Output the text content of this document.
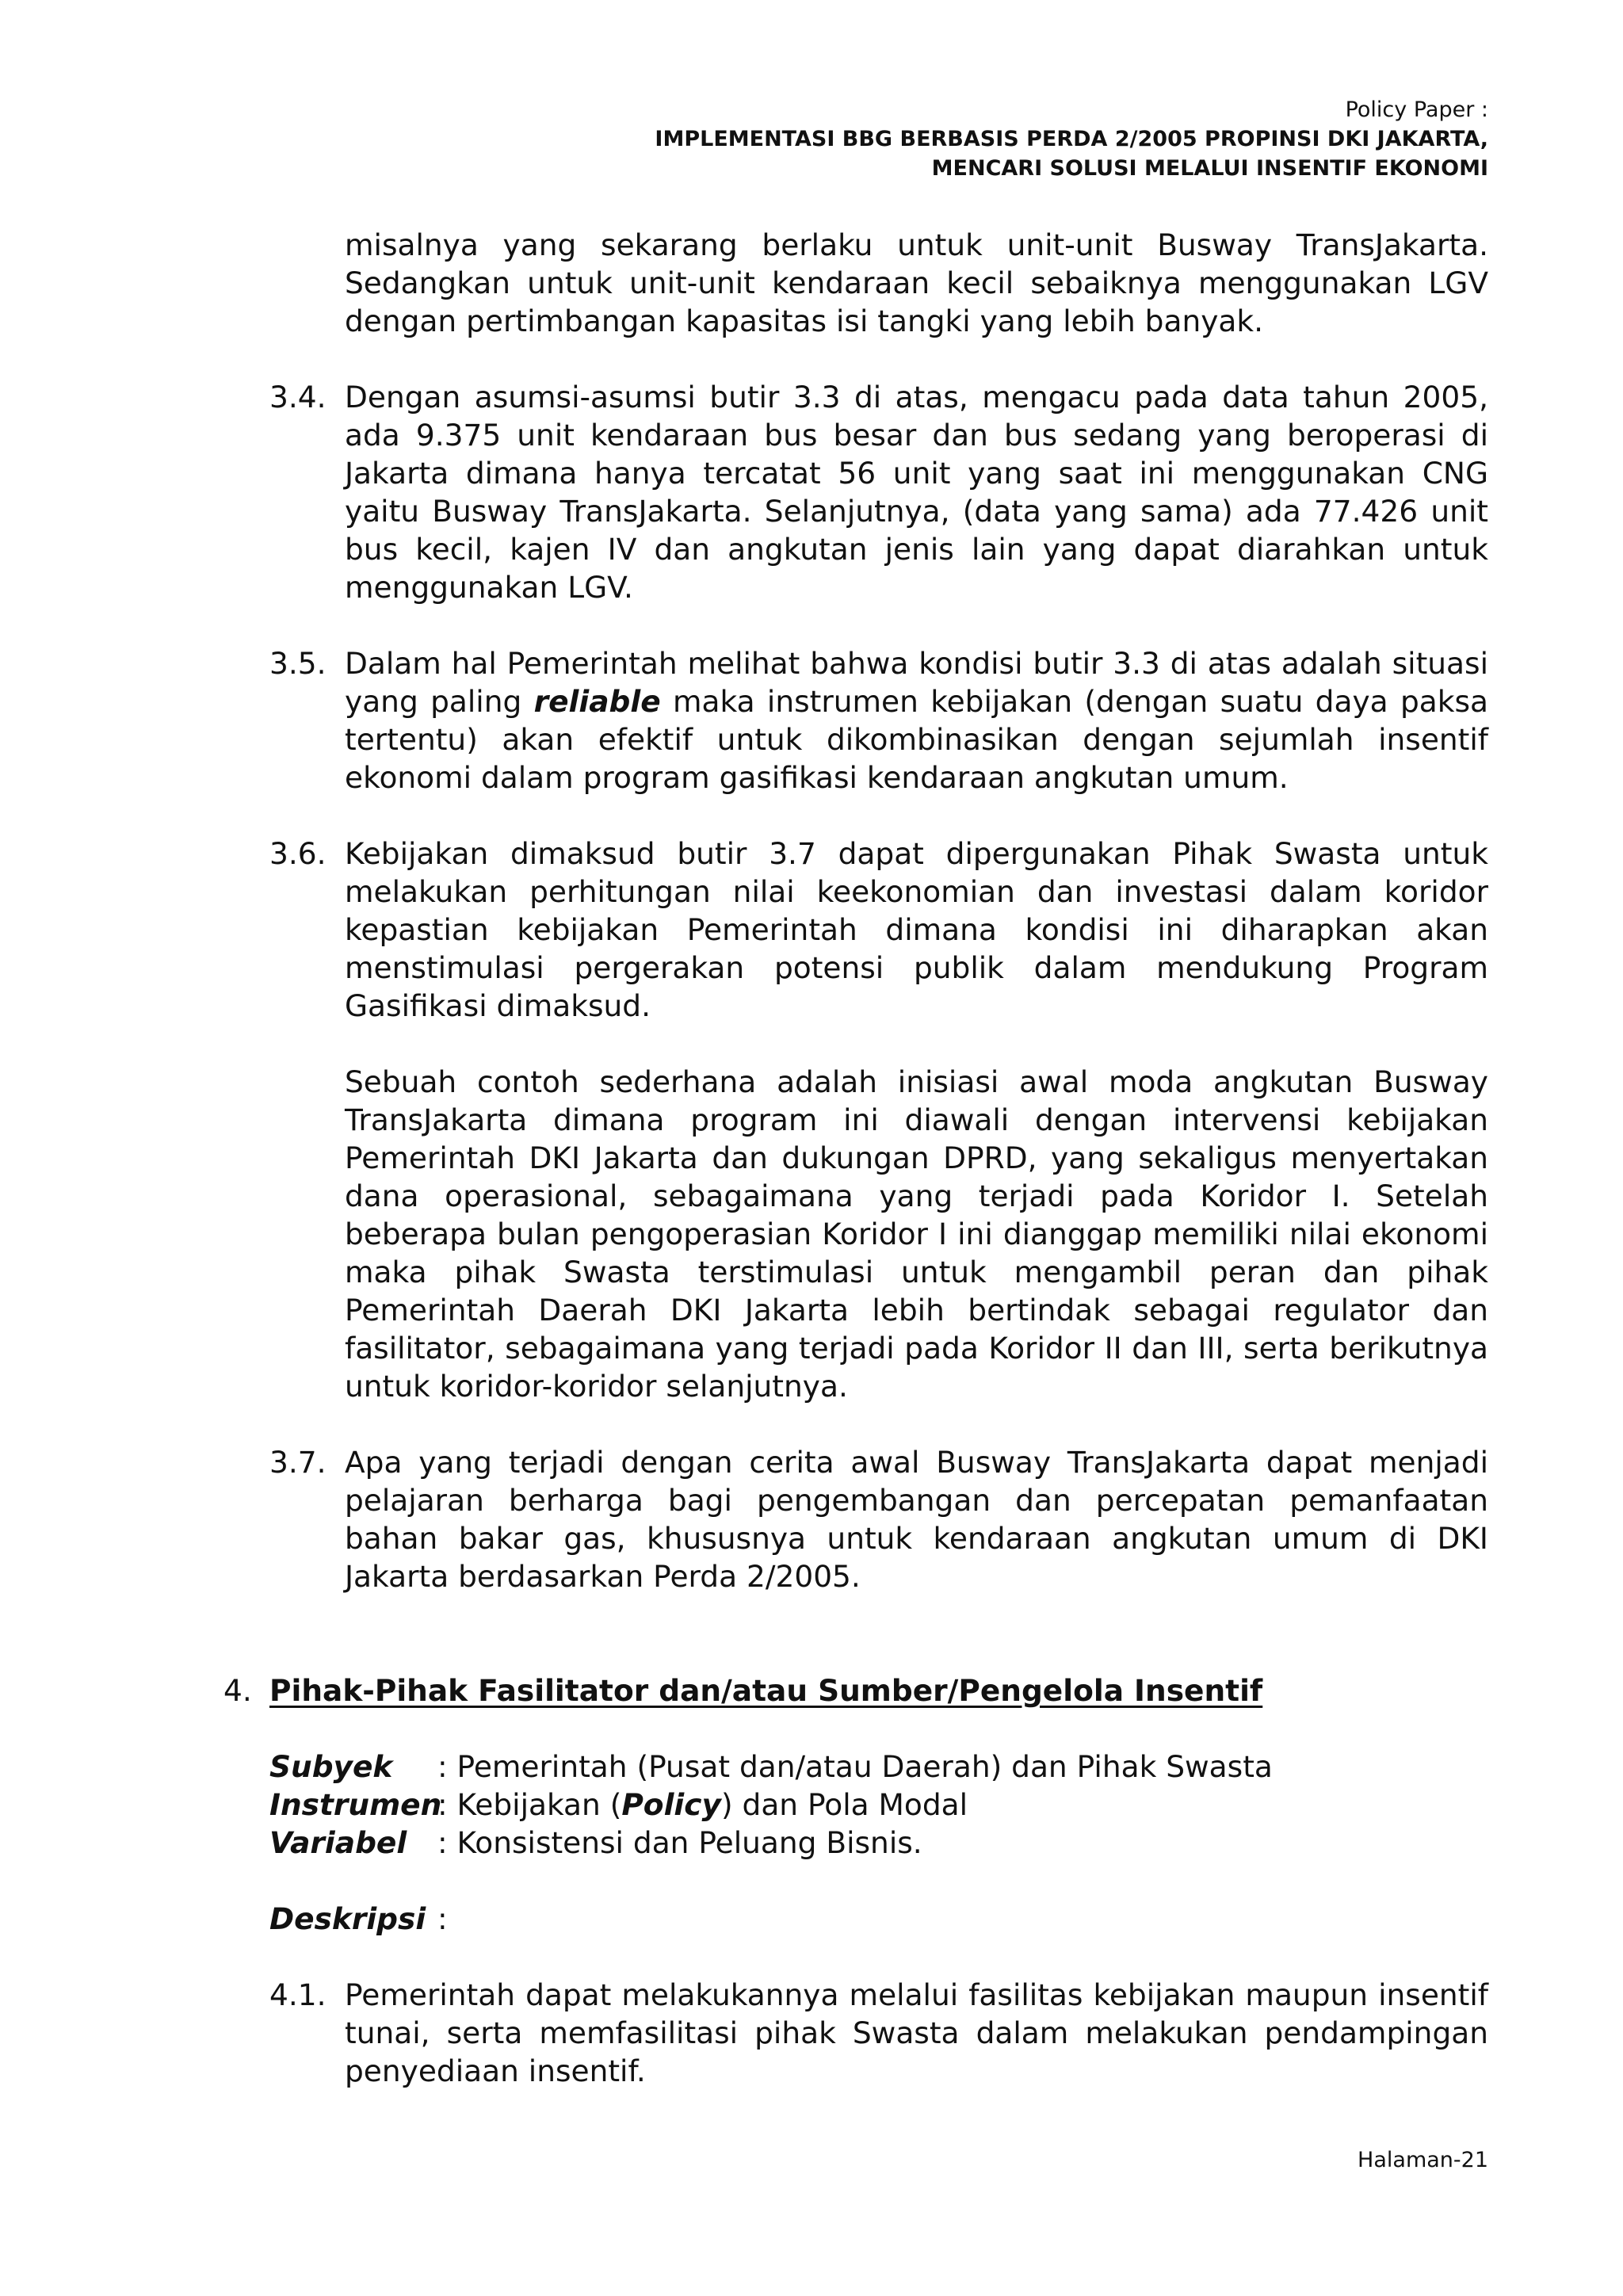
Policy Paper :
IMPLEMENTASI BBG BERBASIS PERDA 2/2005 PROPINSI DKI JAKARTA,
MENCARI SOLUSI MELALUI INSENTIF EKONOMI
misalnya yang sekarang berlaku untuk unit-unit Busway TransJakarta. Sedangkan untuk unit-unit kendaraan kecil sebaiknya menggunakan LGV dengan pertimbangan kapasitas isi tangki yang lebih banyak.
3.4. Dengan asumsi-asumsi butir 3.3 di atas, mengacu pada data tahun 2005, ada 9.375 unit kendaraan bus besar dan bus sedang yang beroperasi di Jakarta dimana hanya tercatat 56 unit yang saat ini menggunakan CNG yaitu Busway TransJakarta. Selanjutnya, (data yang sama) ada 77.426 unit bus kecil, kajen IV dan angkutan jenis lain yang dapat diarahkan untuk menggunakan LGV.
3.5. Dalam hal Pemerintah melihat bahwa kondisi butir 3.3 di atas adalah situasi yang paling reliable maka instrumen kebijakan (dengan suatu daya paksa tertentu) akan efektif untuk dikombinasikan dengan sejumlah insentif ekonomi dalam program gasifikasi kendaraan angkutan umum.
3.6. Kebijakan dimaksud butir 3.7 dapat dipergunakan Pihak Swasta untuk melakukan perhitungan nilai keekonomian dan investasi dalam koridor kepastian kebijakan Pemerintah dimana kondisi ini diharapkan akan menstimulasi pergerakan potensi publik dalam mendukung Program Gasifikasi dimaksud.
Sebuah contoh sederhana adalah inisiasi awal moda angkutan Busway TransJakarta dimana program ini diawali dengan intervensi kebijakan Pemerintah DKI Jakarta dan dukungan DPRD, yang sekaligus menyertakan dana operasional, sebagaimana yang terjadi pada Koridor I. Setelah beberapa bulan pengoperasian Koridor I ini dianggap memiliki nilai ekonomi maka pihak Swasta terstimulasi untuk mengambil peran dan pihak Pemerintah Daerah DKI Jakarta lebih bertindak sebagai regulator dan fasilitator, sebagaimana yang terjadi pada Koridor II dan III, serta berikutnya untuk koridor-koridor selanjutnya.
3.7. Apa yang terjadi dengan cerita awal Busway TransJakarta dapat menjadi pelajaran berharga bagi pengembangan dan percepatan pemanfaatan bahan bakar gas, khususnya untuk kendaraan angkutan umum di DKI Jakarta berdasarkan Perda 2/2005.
4. Pihak-Pihak Fasilitator dan/atau Sumber/Pengelola Insentif
Subyek	: Pemerintah (Pusat dan/atau Daerah) dan Pihak Swasta
Instrumen
: Kebijakan (Policy) dan Pola Modal
Variabel	: Konsistensi dan Peluang Bisnis.
Deskripsi :
4.1. Pemerintah dapat melakukannya melalui fasilitas kebijakan maupun insentif tunai, serta memfasilitasi pihak Swasta dalam melakukan pendampingan penyediaan insentif.
Halaman-21
